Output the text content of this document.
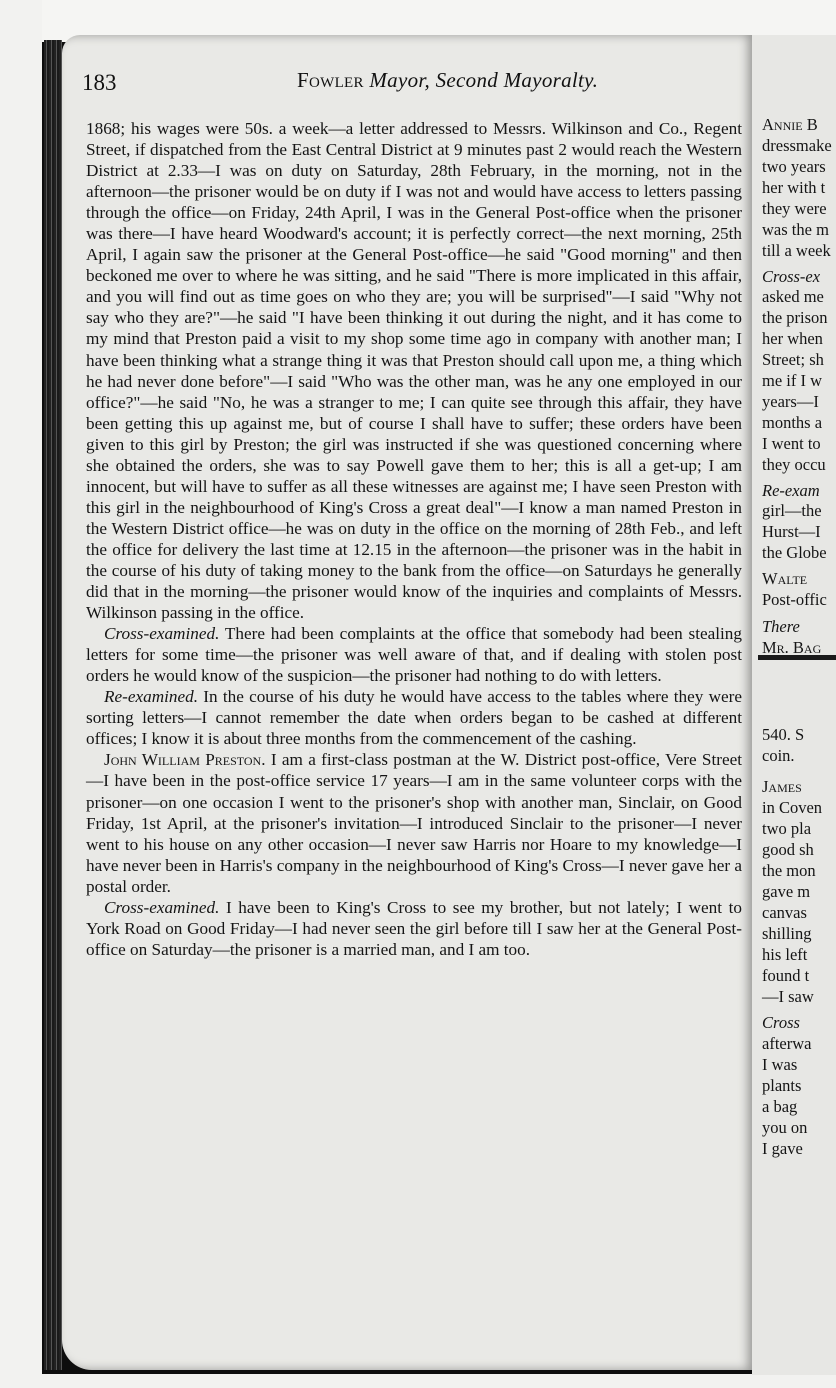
183	Fowler Mayor, Second Mayoralty.

1868; his wages were 50s. a week—a letter addressed to Messrs. Wilkinson and Co., Regent Street, if dispatched from the East Central District at 9 minutes past 2 would reach the Western District at 2.33—I was on duty on Saturday, 28th February, in the morning, not in the afternoon—the prisoner would be on duty if I was not and would have access to letters passing through the office—on Friday, 24th April, I was in the General Post-office when the prisoner was there—I have heard Woodward's account; it is perfectly correct—the next morning, 25th April, I again saw the prisoner at the General Post-office—he said "Good morning" and then beckoned me over to where he was sitting, and he said "There is more implicated in this affair, and you will find out as time goes on who they are; you will be surprised"—I said "Why not say who they are?"—he said "I have been thinking it out during the night, and it has come to my mind that Preston paid a visit to my shop some time ago in company with another man; I have been thinking what a strange thing it was that Preston should call upon me, a thing which he had never done before"—I said "Who was the other man, was he any one employed in our office?"—he said "No, he was a stranger to me; I can quite see through this affair, they have been getting this up against me, but of course I shall have to suffer; these orders have been given to this girl by Preston; the girl was instructed if she was questioned concerning where she obtained the orders, she was to say Powell gave them to her; this is all a get-up; I am innocent, but will have to suffer as all these witnesses are against me; I have seen Preston with this girl in the neighbourhood of King's Cross a great deal"—I know a man named Preston in the Western District office—he was on duty in the office on the morning of 28th Feb., and left the office for delivery the last time at 12.15 in the afternoon—the prisoner was in the habit in the course of his duty of taking money to the bank from the office—on Saturdays he generally did that in the morning—the prisoner would know of the inquiries and complaints of Messrs. Wilkinson passing in the office.

Cross-examined. There had been complaints at the office that somebody had been stealing letters for some time—the prisoner was well aware of that, and if dealing with stolen post orders he would know of the suspicion—the prisoner had nothing to do with letters.

Re-examined. In the course of his duty he would have access to the tables where they were sorting letters—I cannot remember the date when orders began to be cashed at different offices; I know it is about three months from the commencement of the cashing.

John William Preston. I am a first-class postman at the W. District post-office, Vere Street—I have been in the post-office service 17 years—I am in the same volunteer corps with the prisoner—on one occasion I went to the prisoner's shop with another man, Sinclair, on Good Friday, 1st April, at the prisoner's invitation—I introduced Sinclair to the prisoner—I never went to his house on any other occasion—I never saw Harris nor Hoare to my knowledge—I have never been in Harris's company in the neighbourhood of King's Cross—I never gave her a postal order.

Cross-examined. I have been to King's Cross to see my brother, but not lately; I went to York Road on Good Friday—I had never seen the girl before till I saw her at the General Post-office on Saturday—the prisoner is a married man, and I am too.

Annie B
dressmake
two years
her with t
they were
was the m
till a week
Cross-ex
asked me
the prison
her when
Street; sh
me if I w
years—I
months a
I went to
they occu
Re-exam
girl—the
Hurst—I
the Globe
Walte
Post-offic
There
Mr. Bag
540. S
coin.
James
in Coven
two pla
good sh
the mon
gave m
canvas
shilling
his left
found t
—I saw
Cross
afterwa
I was
plants
a bag
you on
I gave
